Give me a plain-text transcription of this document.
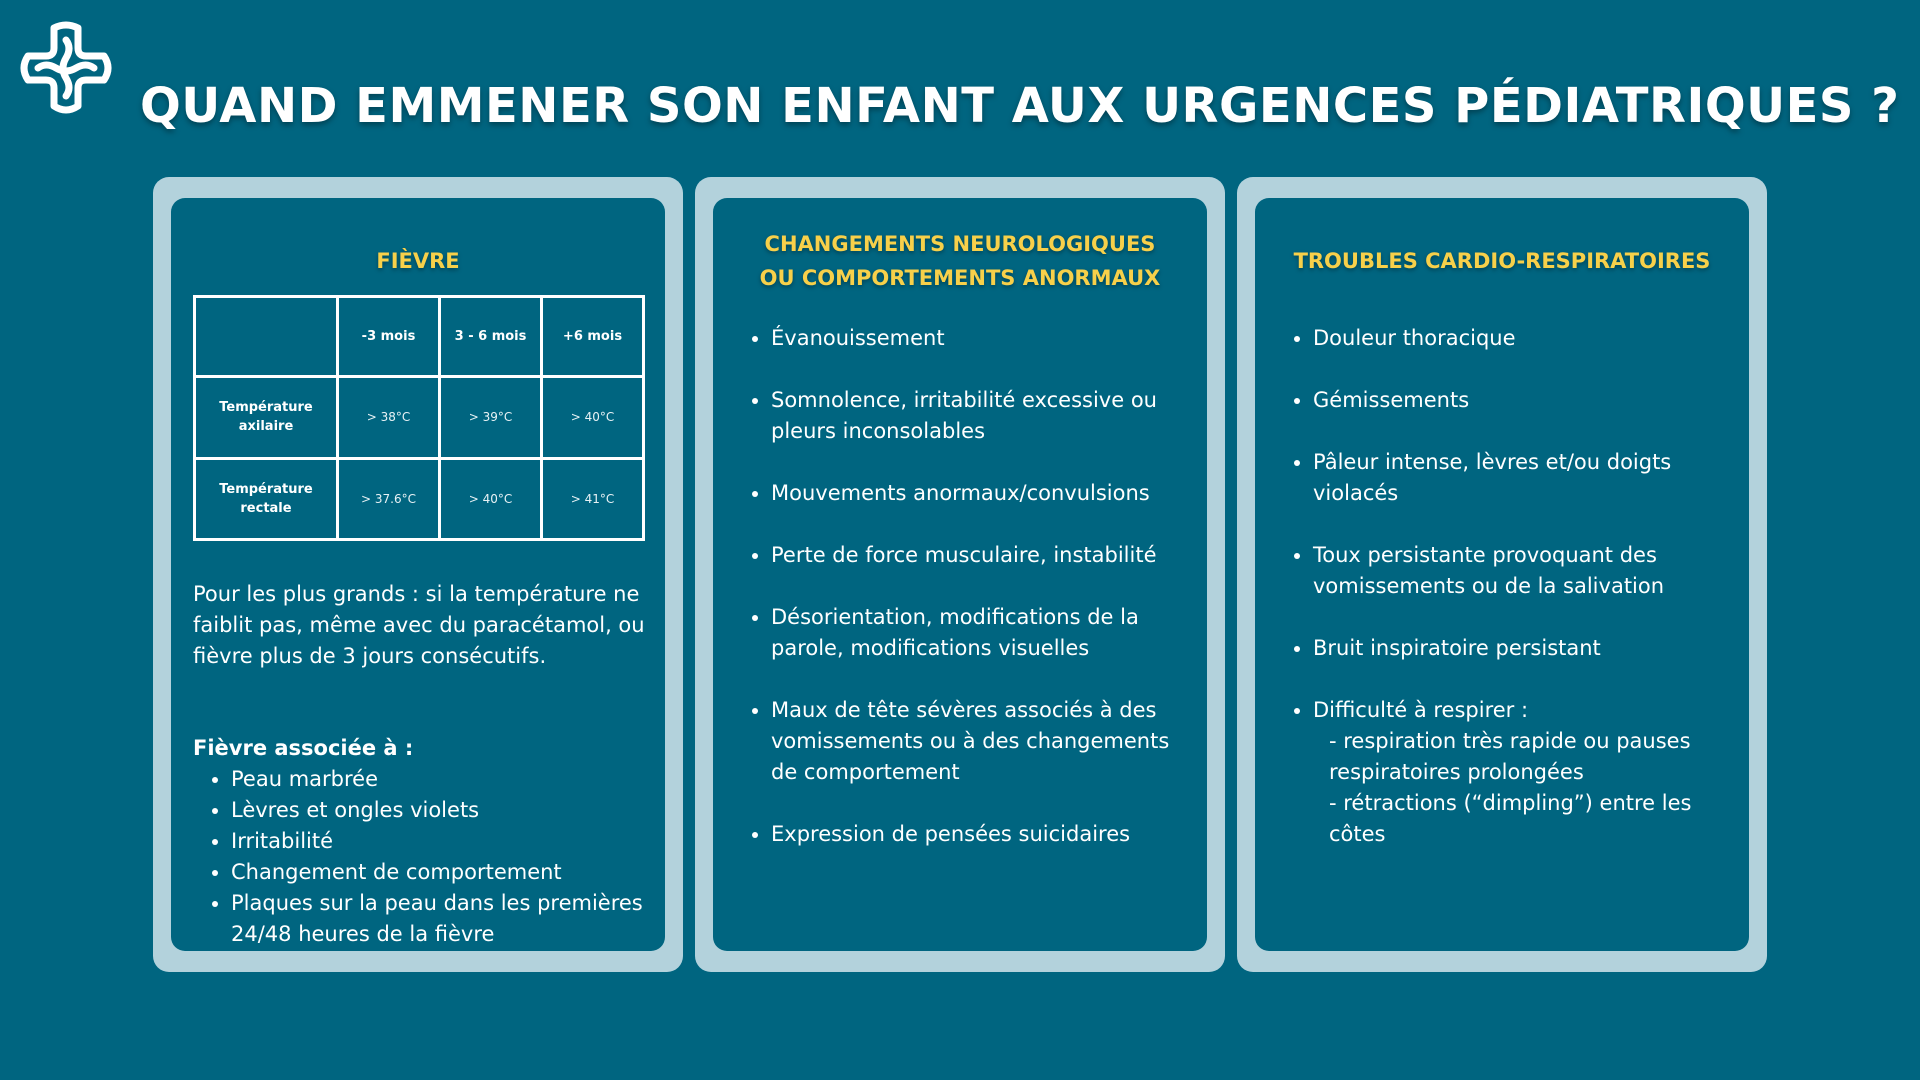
QUAND EMMENER SON ENFANT AUX URGENCES PÉDIATRIQUES ?
FIÈVRE
	-3 mois	3 - 6 mois	+6 mois
Température axilaire	> 38°C	> 39°C	> 40°C
Température rectale	> 37.6°C	> 40°C	> 41°C
Pour les plus grands : si la température ne faiblit pas, même avec du paracétamol, ou fièvre plus de 3 jours consécutifs.
Fièvre associée à :
• Peau marbrée
• Lèvres et ongles violets
• Irritabilité
• Changement de comportement
• Plaques sur la peau dans les premières 24/48 heures de la fièvre
CHANGEMENTS NEUROLOGIQUES
OU COMPORTEMENTS ANORMAUX
• Évanouissement
• Somnolence, irritabilité excessive ou pleurs inconsolables
• Mouvements anormaux/convulsions
• Perte de force musculaire, instabilité
• Désorientation, modifications de la parole, modifications visuelles
• Maux de tête sévères associés à des vomissements ou à des changements de comportement
• Expression de pensées suicidaires
TROUBLES CARDIO-RESPIRATOIRES
• Douleur thoracique
• Gémissements
• Pâleur intense, lèvres et/ou doigts violacés
• Toux persistante provoquant des vomissements ou de la salivation
• Bruit inspiratoire persistant
• Difficulté à respirer :
- respiration très rapide ou pauses respiratoires prolongées
- rétractions (“dimpling”) entre les côtes
